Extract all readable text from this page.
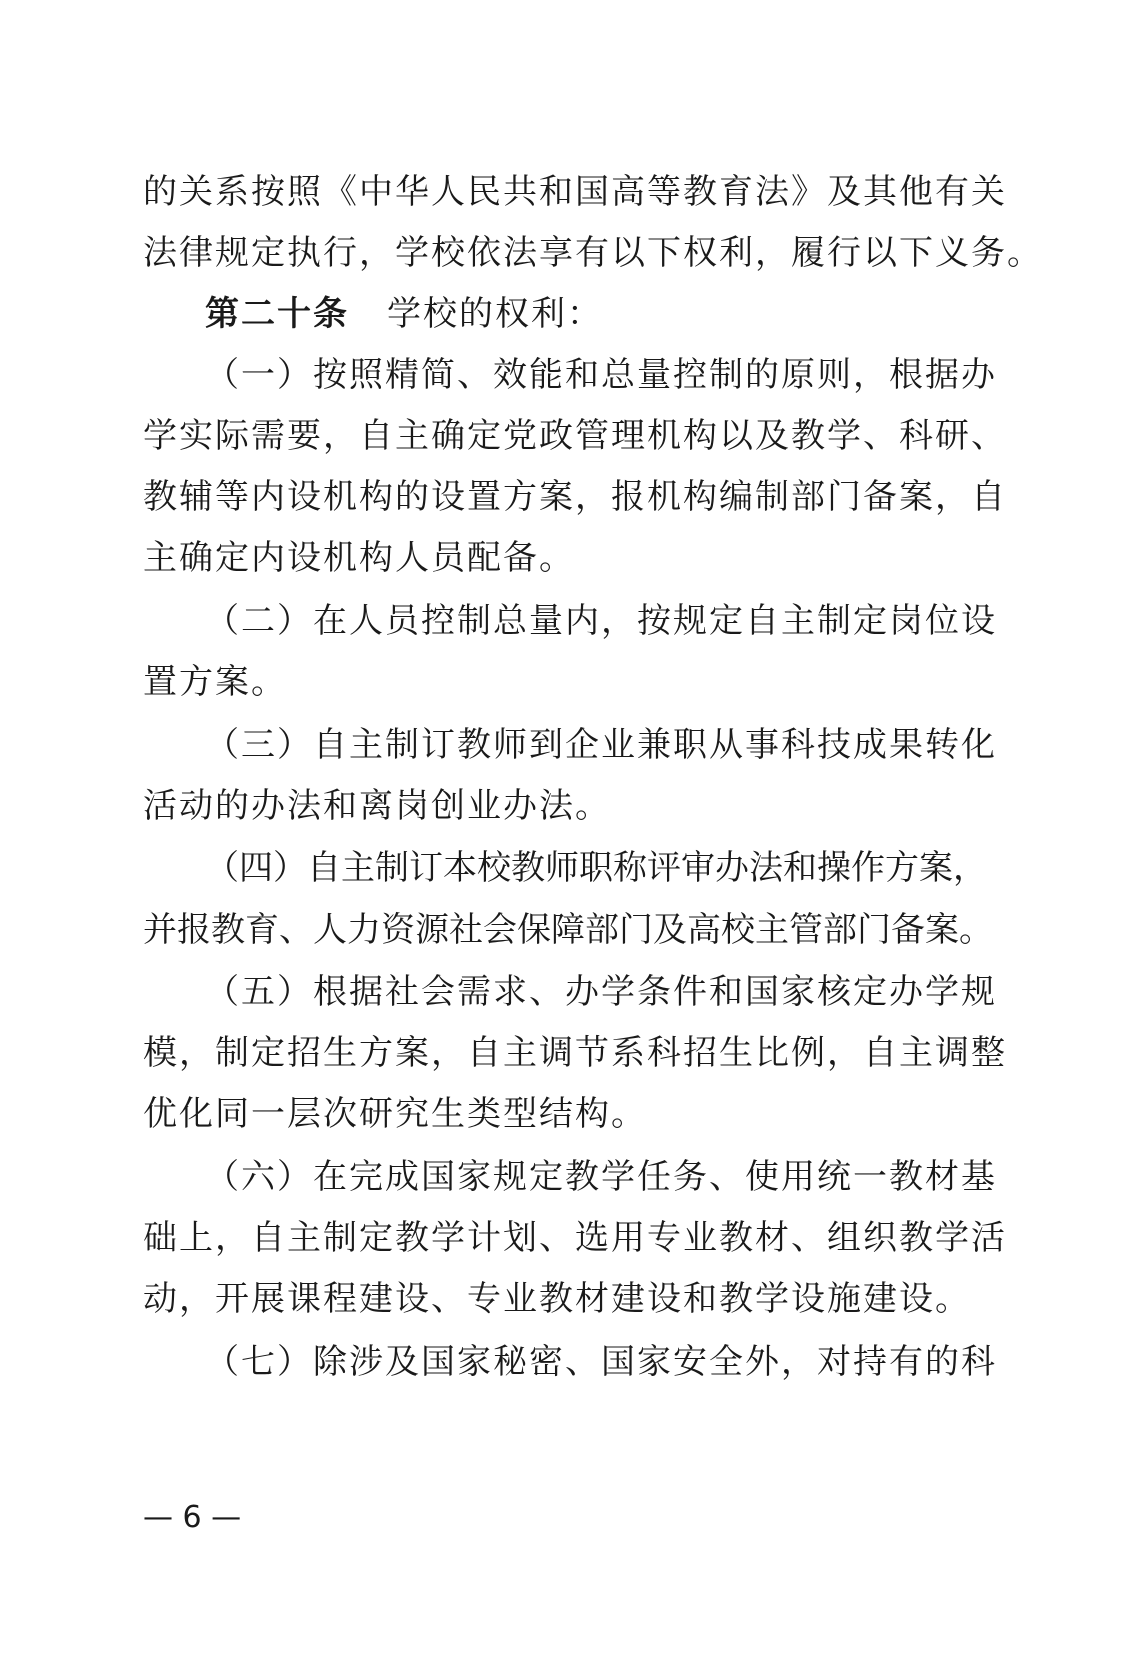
的关系按照《中华人民共和国高等教育法》及其他有关
法律规定执行，学校依法享有以下权利，履行以下义务。
第二十条 学校的权利：
（一）按照精简、效能和总量控制的原则，根据办
学实际需要，自主确定党政管理机构以及教学、科研、
教辅等内设机构的设置方案，报机构编制部门备案，自
主确定内设机构人员配备。
（二）在人员控制总量内，按规定自主制定岗位设
置方案。
（三）自主制订教师到企业兼职从事科技成果转化
活动的办法和离岗创业办法。
（四）自主制订本校教师职称评审办法和操作方案，
并报教育、人力资源社会保障部门及高校主管部门备案。
（五）根据社会需求、办学条件和国家核定办学规
模，制定招生方案，自主调节系科招生比例，自主调整
优化同一层次研究生类型结构。
（六）在完成国家规定教学任务、使用统一教材基
础上，自主制定教学计划、选用专业教材、组织教学活
动，开展课程建设、专业教材建设和教学设施建设。
（七）除涉及国家秘密、国家安全外，对持有的科
— 6 —
